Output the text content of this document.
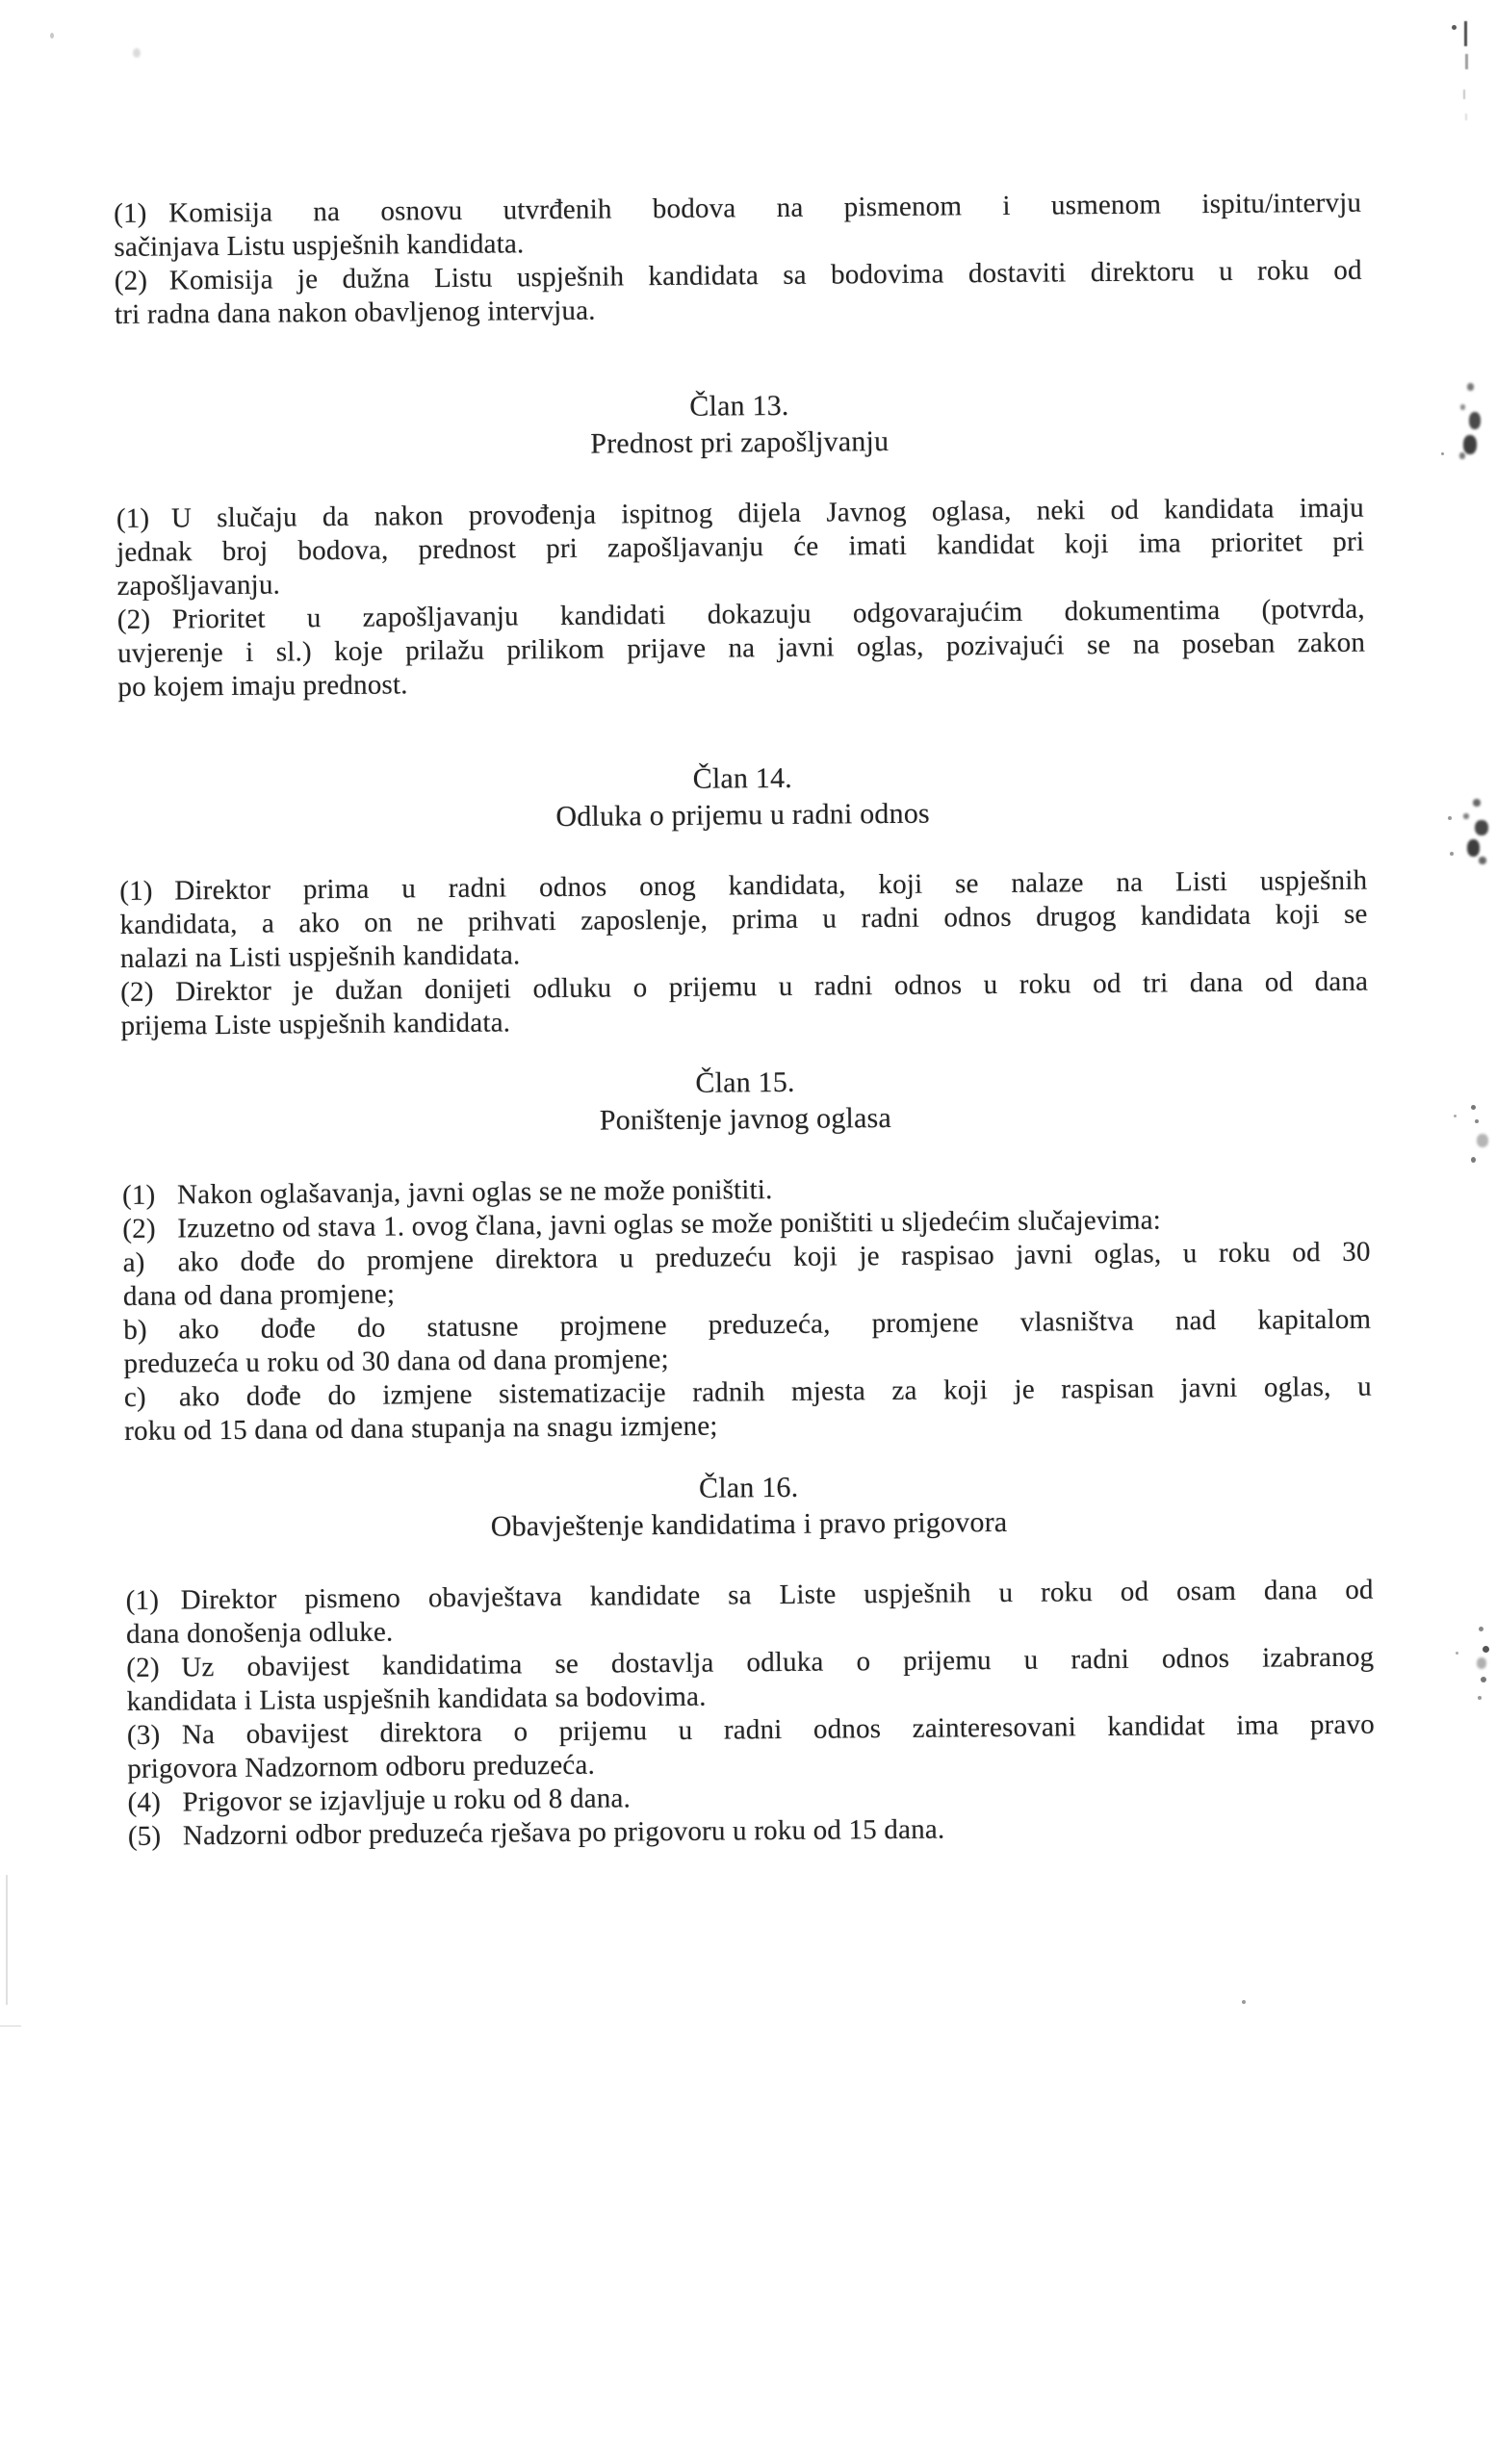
(1) Komisija na osnovu utvrđenih bodova na pismenom i usmenom ispitu/intervju
sačinjava Listu uspješnih kandidata.
(2) Komisija je dužna Listu uspješnih kandidata sa bodovima dostaviti direktoru u roku od
tri radna dana nakon obavljenog intervjua.
Član 13.
Prednost pri zapošljvanju
(1) U slučaju da nakon provođenja ispitnog dijela Javnog oglasa, neki od kandidata imaju
jednak broj bodova, prednost pri zapošljavanju će imati kandidat koji ima prioritet pri
zapošljavanju.
(2) Prioritet u zapošljavanju kandidati dokazuju odgovarajućim dokumentima (potvrda,
uvjerenje i sl.) koje prilažu prilikom prijave na javni oglas, pozivajući se na poseban zakon
po kojem imaju prednost.
Član 14.
Odluka o prijemu u radni odnos
(1) Direktor prima u radni odnos onog kandidata, koji se nalaze na Listi uspješnih
kandidata, a ako on ne prihvati zaposlenje, prima u radni odnos drugog kandidata koji se
nalazi na Listi uspješnih kandidata.
(2) Direktor je dužan donijeti odluku o prijemu u radni odnos u roku od tri dana od dana
prijema Liste uspješnih kandidata.
Član 15.
Poništenje javnog oglasa
(1) Nakon oglašavanja, javni oglas se ne može poništiti.
(2) Izuzetno od stava 1. ovog člana, javni oglas se može poništiti u sljedećim slučajevima:
a) ako dođe do promjene direktora u preduzeću koji je raspisao javni oglas, u roku od 30
dana od dana promjene;
b) ako dođe do statusne projmene preduzeća, promjene vlasništva nad kapitalom
preduzeća u roku od 30 dana od dana promjene;
c) ako dođe do izmjene sistematizacije radnih mjesta za koji je raspisan javni oglas, u
roku od 15 dana od dana stupanja na snagu izmjene;
Član 16.
Obavještenje kandidatima i pravo prigovora
(1) Direktor pismeno obavještava kandidate sa Liste uspješnih u roku od osam dana od
dana donošenja odluke.
(2) Uz obavijest kandidatima se dostavlja odluka o prijemu u radni odnos izabranog
kandidata i Lista uspješnih kandidata sa bodovima.
(3) Na obavijest direktora o prijemu u radni odnos zainteresovani kandidat ima pravo
prigovora Nadzornom odboru preduzeća.
(4) Prigovor se izjavljuje u roku od 8 dana.
(5) Nadzorni odbor preduzeća rješava po prigovoru u roku od 15 dana.
